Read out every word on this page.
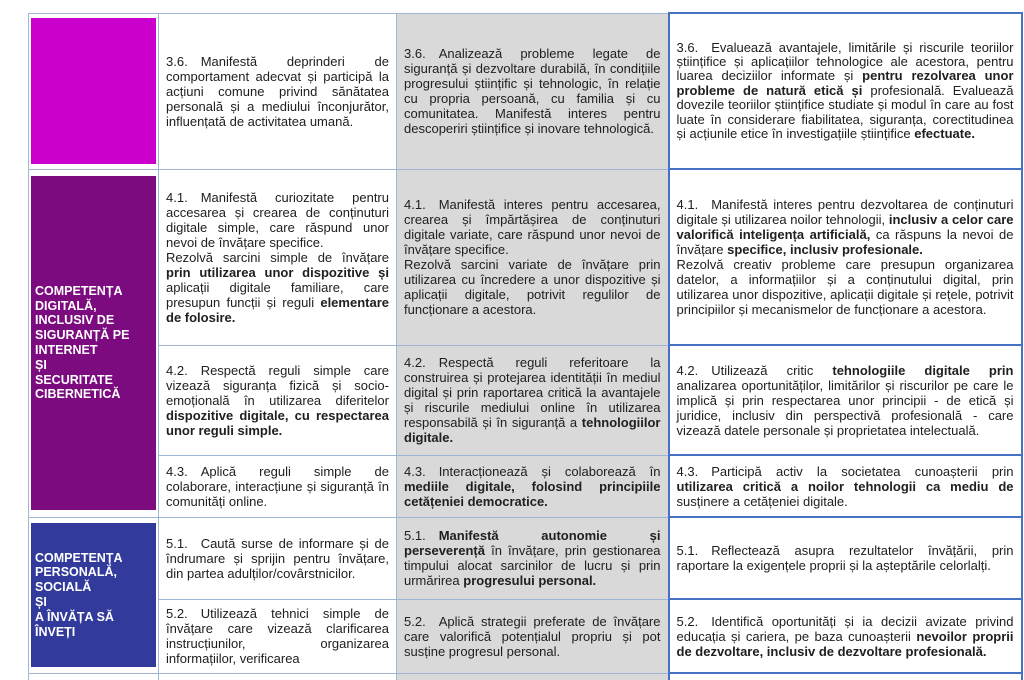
	3.6. Manifestă deprinderi de comportament adecvat și participă la acțiuni comune privind sănătatea personală și a mediului înconjurător, influențată de activitatea umană.	3.6. Analizează probleme legate de siguranță și dezvoltare durabilă, în condițiile progresului științific și tehnologic, în relație cu propria persoană, cu familia și cu comunitatea. Manifestă interes pentru descoperiri științifice și inovare tehnologică.	3.6. Evaluează avantajele, limitările și riscurile teoriilor științifice și aplicațiilor tehnologice ale acestora, pentru luarea deciziilor informate și pentru rezolvarea unor probleme de natură etică și profesională. Evaluează dovezile teoriilor științifice studiate și modul în care au fost luate în considerare fiabilitatea, siguranța, corectitudinea și acțiunile etice în investigațiile științifice efectuate.

COMPETENȚA
DIGITALĂ,
INCLUSIV DE
SIGURANȚĂ PE
INTERNET
ȘI
SECURITATE
CIBERNETICĂ
	4.1. Manifestă curiozitate pentru accesarea și crearea de conținuturi digitale simple, care răspund unor nevoi de învățare specifice.
Rezolvă sarcini simple de învățare prin utilizarea unor dispozitive și aplicații digitale familiare, care presupun funcții și reguli elementare de folosire.	4.1. Manifestă interes pentru accesarea, crearea și împărtășirea de conținuturi digitale variate, care răspund unor nevoi de învățare specifice.
Rezolvă sarcini variate de învățare prin utilizarea cu încredere a unor dispozitive și aplicații digitale, potrivit regulilor de funcționare a acestora.	4.1. Manifestă interes pentru dezvoltarea de conținuturi digitale și utilizarea noilor tehnologii, inclusiv a celor care valorifică inteligența artificială, ca răspuns la nevoi de învățare specifice, inclusiv profesionale.
Rezolvă creativ probleme care presupun organizarea datelor, a informațiilor și a conținutului digital, prin utilizarea unor dispozitive, aplicații digitale și rețele, potrivit principiilor și mecanismelor de funcționare a acestora.
4.2. Respectă reguli simple care vizează siguranța fizică și socio-emoțională în utilizarea diferitelor dispozitive digitale, cu respectarea unor reguli simple.	4.2. Respectă reguli referitoare la construirea și protejarea identității în mediul digital și prin raportarea critică la avantajele și riscurile mediului online în utilizarea responsabilă și în siguranță a tehnologiilor digitale.	4.2. Utilizează critic tehnologiile digitale prin analizarea oportunităților, limitărilor și riscurilor pe care le implică și prin respectarea unor principii - de etică și juridice, inclusiv din perspectivă profesională - care vizează datele personale și proprietatea intelectuală.
	4.3. Aplică reguli simple de colaborare, interacțiune și siguranță în comunități online.	4.3. Interacționează și colaborează în mediile digitale, folosind principiile cetățeniei democratice.	4.3. Participă activ la societatea cunoașterii prin utilizarea critică a noilor tehnologii ca mediu de susținere a cetățeniei digitale.

COMPETENȚA
PERSONALĂ,
SOCIALĂ
ȘI
A ÎNVĂȚA SĂ ÎNVEȚI	5.1. Caută surse de informare și de îndrumare și sprijin pentru învățare, din partea adulților/covârstnicilor.	5.1. Manifestă autonomie și perseverență în învățare, prin gestionarea timpului alocat sarcinilor de lucru și prin urmărirea progresului personal.	5.1. Reflectează asupra rezultatelor învățării, prin raportare la exigențele proprii și la așteptările celorlalți.
	5.2. Utilizează tehnici simple de învățare care vizează clarificarea instrucțiunilor, organizarea informațiilor, verificarea	5.2. Aplică strategii preferate de învățare care valorifică potențialul propriu și pot susține progresul personal.	5.2. Identifică oportunități și ia decizii avizate privind educația și cariera, pe baza cunoașterii nevoilor proprii de dezvoltare, inclusiv de dezvoltare profesională.
